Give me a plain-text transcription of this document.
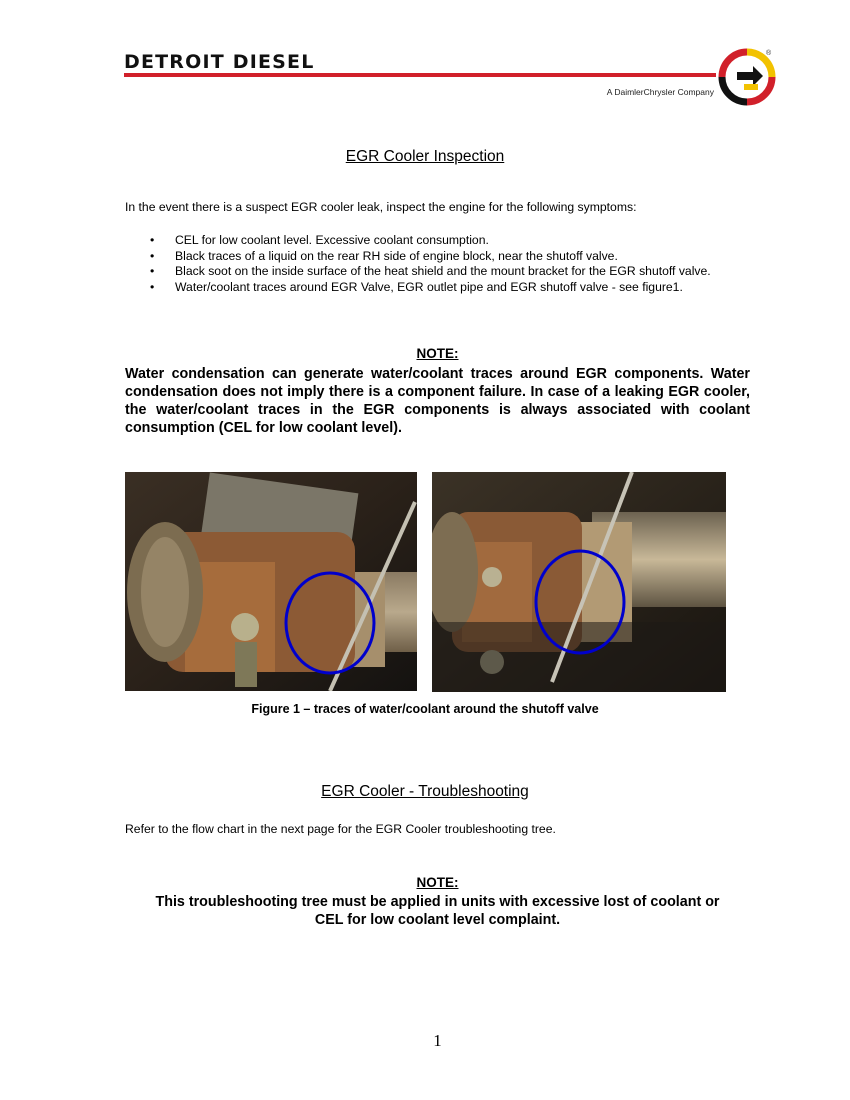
DETROIT DIESEL
A DaimlerChrysler Company
®
EGR Cooler Inspection
In the event there is a suspect EGR cooler leak, inspect the engine for the following symptoms:
• CEL for low coolant level. Excessive coolant consumption.
• Black traces of a liquid on the rear RH side of engine block, near the shutoff valve.
• Black soot on the inside surface of the heat shield and the mount bracket for the EGR shutoff valve.
• Water/coolant traces around EGR Valve, EGR outlet pipe and EGR shutoff valve - see figure1.
NOTE:
Water condensation can generate water/coolant traces around EGR components. Water condensation does not imply there is a component failure. In case of a leaking EGR cooler, the water/coolant traces in the EGR components is always associated with coolant consumption (CEL for low coolant level).
Figure 1 – traces of water/coolant around the shutoff valve
EGR Cooler - Troubleshooting
Refer to the flow chart in the next page for the EGR Cooler troubleshooting tree.
NOTE:
This troubleshooting tree must be applied in units with excessive lost of coolant or
CEL for low coolant level complaint.
1
